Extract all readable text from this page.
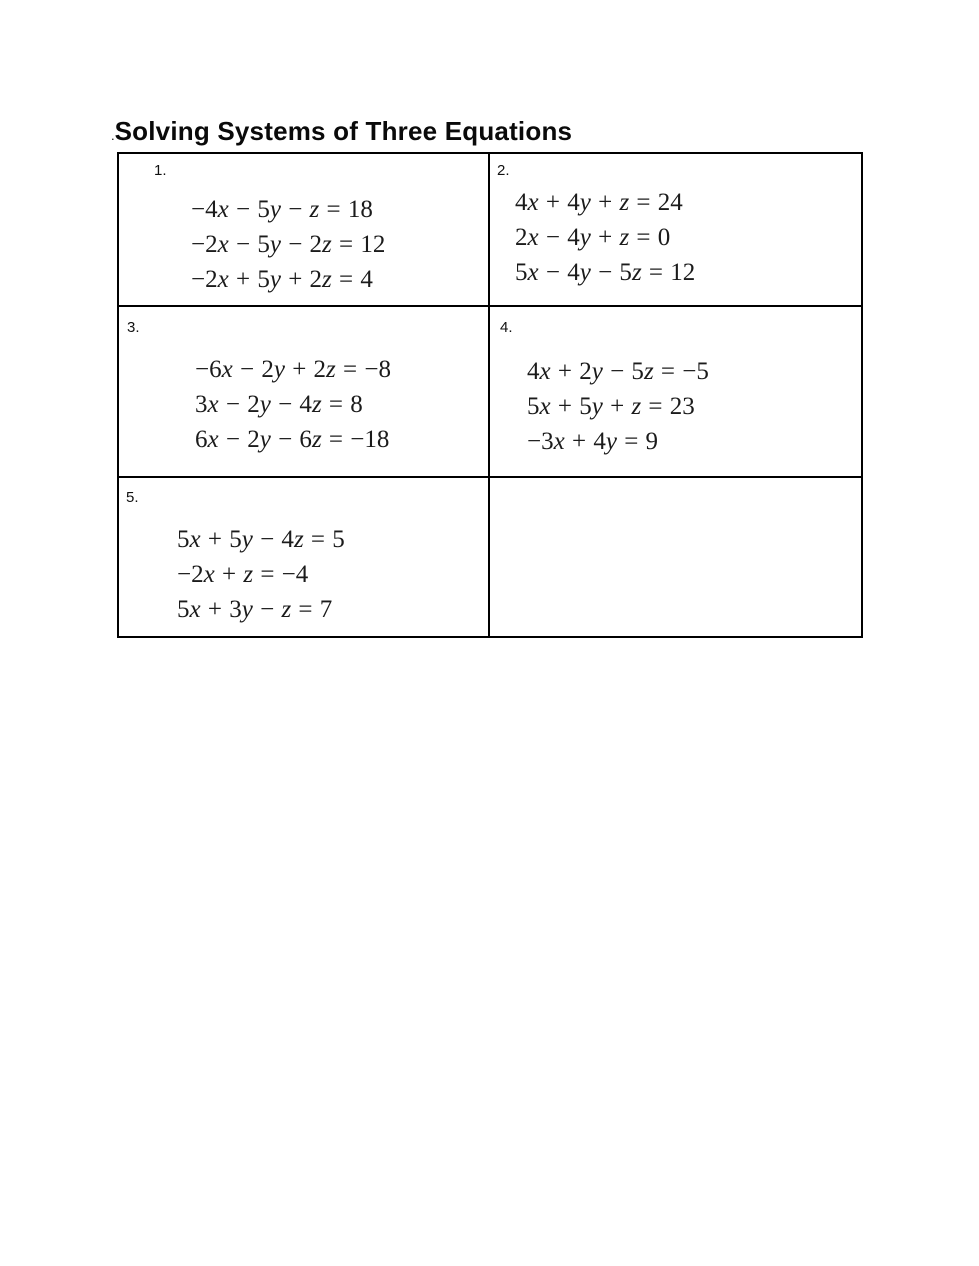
.Solving Systems of Three Equations
1.
−4x − 5y − z = 18
−2x − 5y − 2z = 12
−2x + 5y + 2z = 4
2.
4x + 4y + z = 24
2x − 4y + z = 0
5x − 4y − 5z = 12
3.
−6x − 2y + 2z = −8
3x − 2y − 4z = 8
6x − 2y − 6z = −18
4.
4x + 2y − 5z = −5
5x + 5y + z = 23
−3x + 4y = 9
5.
5x + 5y − 4z = 5
−2x + z = −4
5x + 3y − z = 7
